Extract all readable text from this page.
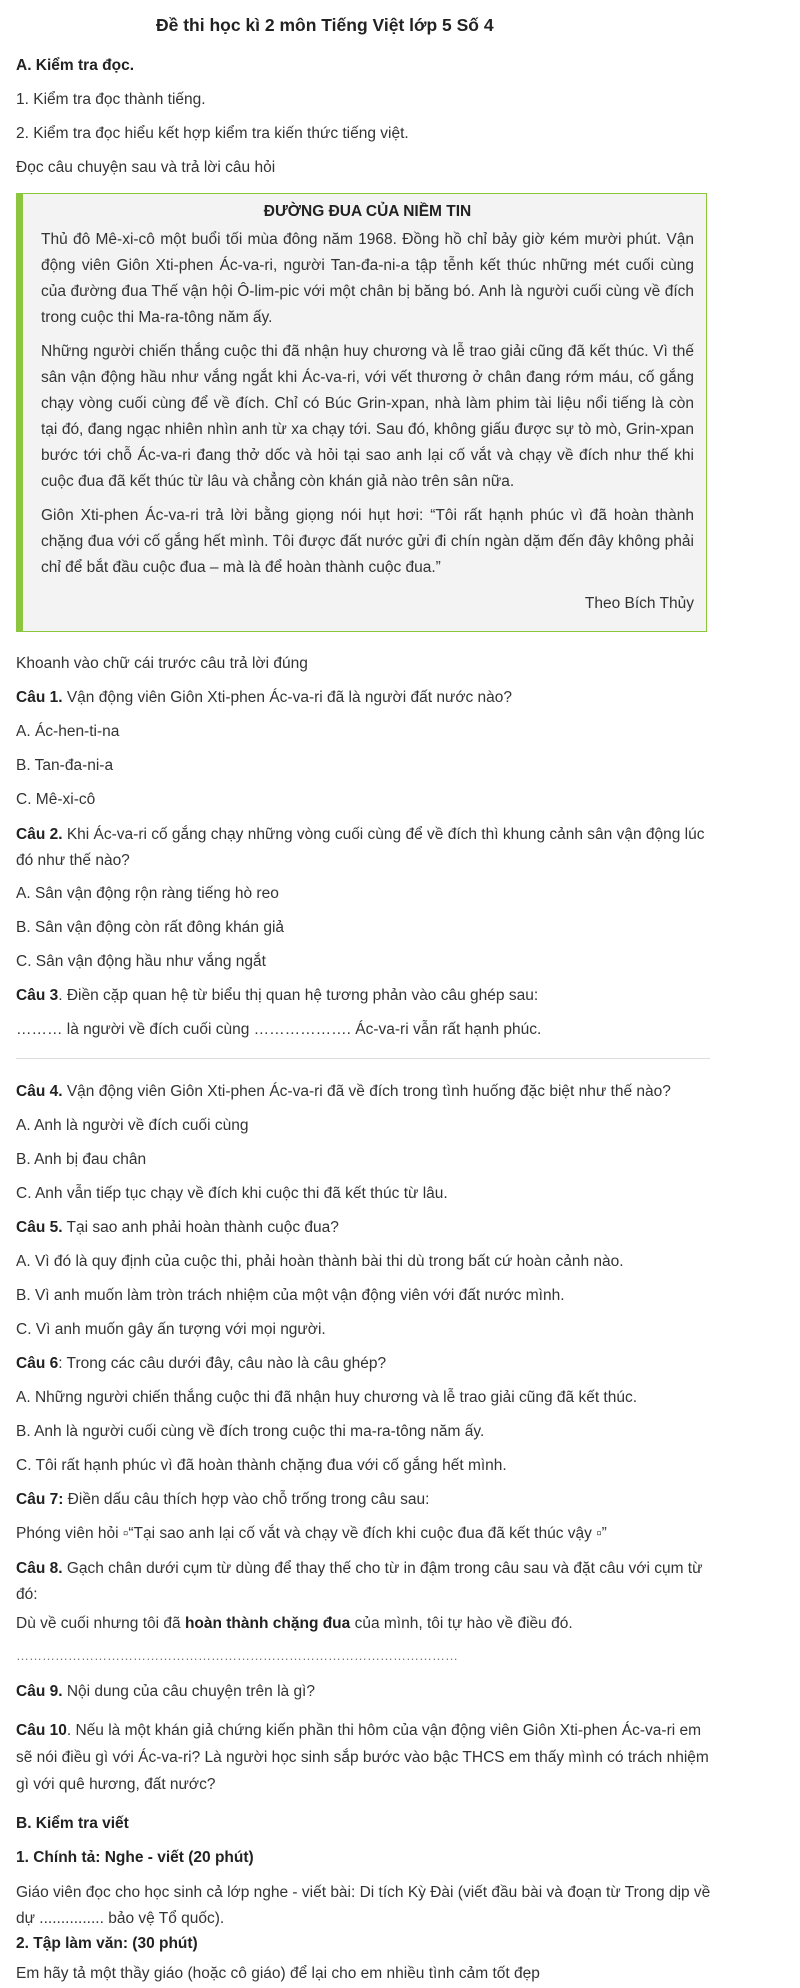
Đề thi học kì 2 môn Tiếng Việt lớp 5 Số 4
A. Kiểm tra đọc.
1. Kiểm tra đọc thành tiếng.
2. Kiểm tra đọc hiểu kết hợp kiểm tra kiến thức tiếng việt.
Đọc câu chuyện sau và trả lời câu hỏi
ĐƯỜNG ĐUA CỦA NIỀM TIN

Thủ đô Mê-xi-cô một buổi tối mùa đông năm 1968. Đồng hồ chỉ bảy giờ kém mười phút. Vận động viên Giôn Xti-phen Ác-va-ri, người Tan-đa-ni-a tập tễnh kết thúc những mét cuối cùng của đường đua Thế vận hội Ô-lim-pic với một chân bị băng bó. Anh là người cuối cùng về đích trong cuộc thi Ma-ra-tông năm ấy.

Những người chiến thắng cuộc thi đã nhận huy chương và lễ trao giải cũng đã kết thúc. Vì thế sân vận động hầu như vắng ngắt khi Ác-va-ri, với vết thương ở chân đang rớm máu, cố gắng chạy vòng cuối cùng để về đích. Chỉ có Búc Grin-xpan, nhà làm phim tài liệu nổi tiếng là còn tại đó, đang ngạc nhiên nhìn anh từ xa chạy tới. Sau đó, không giấu được sự tò mò, Grin-xpan bước tới chỗ Ác-va-ri đang thở dốc và hỏi tại sao anh lại cố vắt và chạy về đích như thế khi cuộc đua đã kết thúc từ lâu và chẳng còn khán giả nào trên sân nữa.

Giôn Xti-phen Ác-va-ri trả lời bằng giọng nói hụt hơi: “Tôi rất hạnh phúc vì đã hoàn thành chặng đua với cố gắng hết mình. Tôi được đất nước gửi đi chín ngàn dặm đến đây không phải chỉ để bắt đầu cuộc đua – mà là để hoàn thành cuộc đua.”

Theo Bích Thủy

Khoanh vào chữ cái trước câu trả lời đúng
Câu 1. Vận động viên Giôn Xti-phen Ác-va-ri đã là người đất nước nào?
A. Ác-hen-ti-na
B. Tan-đa-ni-a
C. Mê-xi-cô
Câu 2. Khi Ác-va-ri cố gắng chạy những vòng cuối cùng để về đích thì khung cảnh sân vận động lúc đó như thế nào?
A. Sân vận động rộn ràng tiếng hò reo
B. Sân vận động còn rất đông khán giả
C. Sân vận động hầu như vắng ngắt
Câu 3. Điền cặp quan hệ từ biểu thị quan hệ tương phản vào câu ghép sau:
……… là người về đích cuối cùng ………………. Ác-va-ri vẫn rất hạnh phúc.
Câu 4. Vận động viên Giôn Xti-phen Ác-va-ri đã về đích trong tình huống đặc biệt như thế nào?
A. Anh là người về đích cuối cùng
B. Anh bị đau chân
C. Anh vẫn tiếp tục chạy về đích khi cuộc thi đã kết thúc từ lâu.
Câu 5. Tại sao anh phải hoàn thành cuộc đua?
A. Vì đó là quy định của cuộc thi, phải hoàn thành bài thi dù trong bất cứ hoàn cảnh nào.
B. Vì anh muốn làm tròn trách nhiệm của một vận động viên với đất nước mình.
C. Vì anh muốn gây ấn tượng với mọi người.
Câu 6: Trong các câu dưới đây, câu nào là câu ghép?
A. Những người chiến thắng cuộc thi đã nhận huy chương và lễ trao giải cũng đã kết thúc.
B. Anh là người cuối cùng về đích trong cuộc thi ma-ra-tông năm ấy.
C. Tôi rất hạnh phúc vì đã hoàn thành chặng đua với cố gắng hết mình.
Câu 7: Điền dấu câu thích hợp vào chỗ trống trong câu sau:
Phóng viên hỏi ▫“Tại sao anh lại cố vắt và chạy về đích khi cuộc đua đã kết thúc vậy ▫”
Câu 8. Gạch chân dưới cụm từ dùng để thay thế cho từ in đậm trong câu sau và đặt câu với cụm từ đó:
Dù về cuối nhưng tôi đã hoàn thành chặng đua của mình, tôi tự hào về điều đó.
…………………………………………………………………………………………
Câu 9. Nội dung của câu chuyện trên là gì?
Câu 10. Nếu là một khán giả chứng kiến phần thi hôm của vận động viên Giôn Xti-phen Ác-va-ri em sẽ nói điều gì với Ác-va-ri? Là người học sinh sắp bước vào bậc THCS em thấy mình có trách nhiệm gì với quê hương, đất nước?
B. Kiểm tra viết
1. Chính tả: Nghe - viết (20 phút)
Giáo viên đọc cho học sinh cả lớp nghe - viết bài: Di tích Kỳ Đài (viết đầu bài và đoạn từ Trong dịp về dự ............... bảo vệ Tổ quốc).
2. Tập làm văn: (30 phút)
Em hãy tả một thầy giáo (hoặc cô giáo) để lại cho em nhiều tình cảm tốt đẹp
